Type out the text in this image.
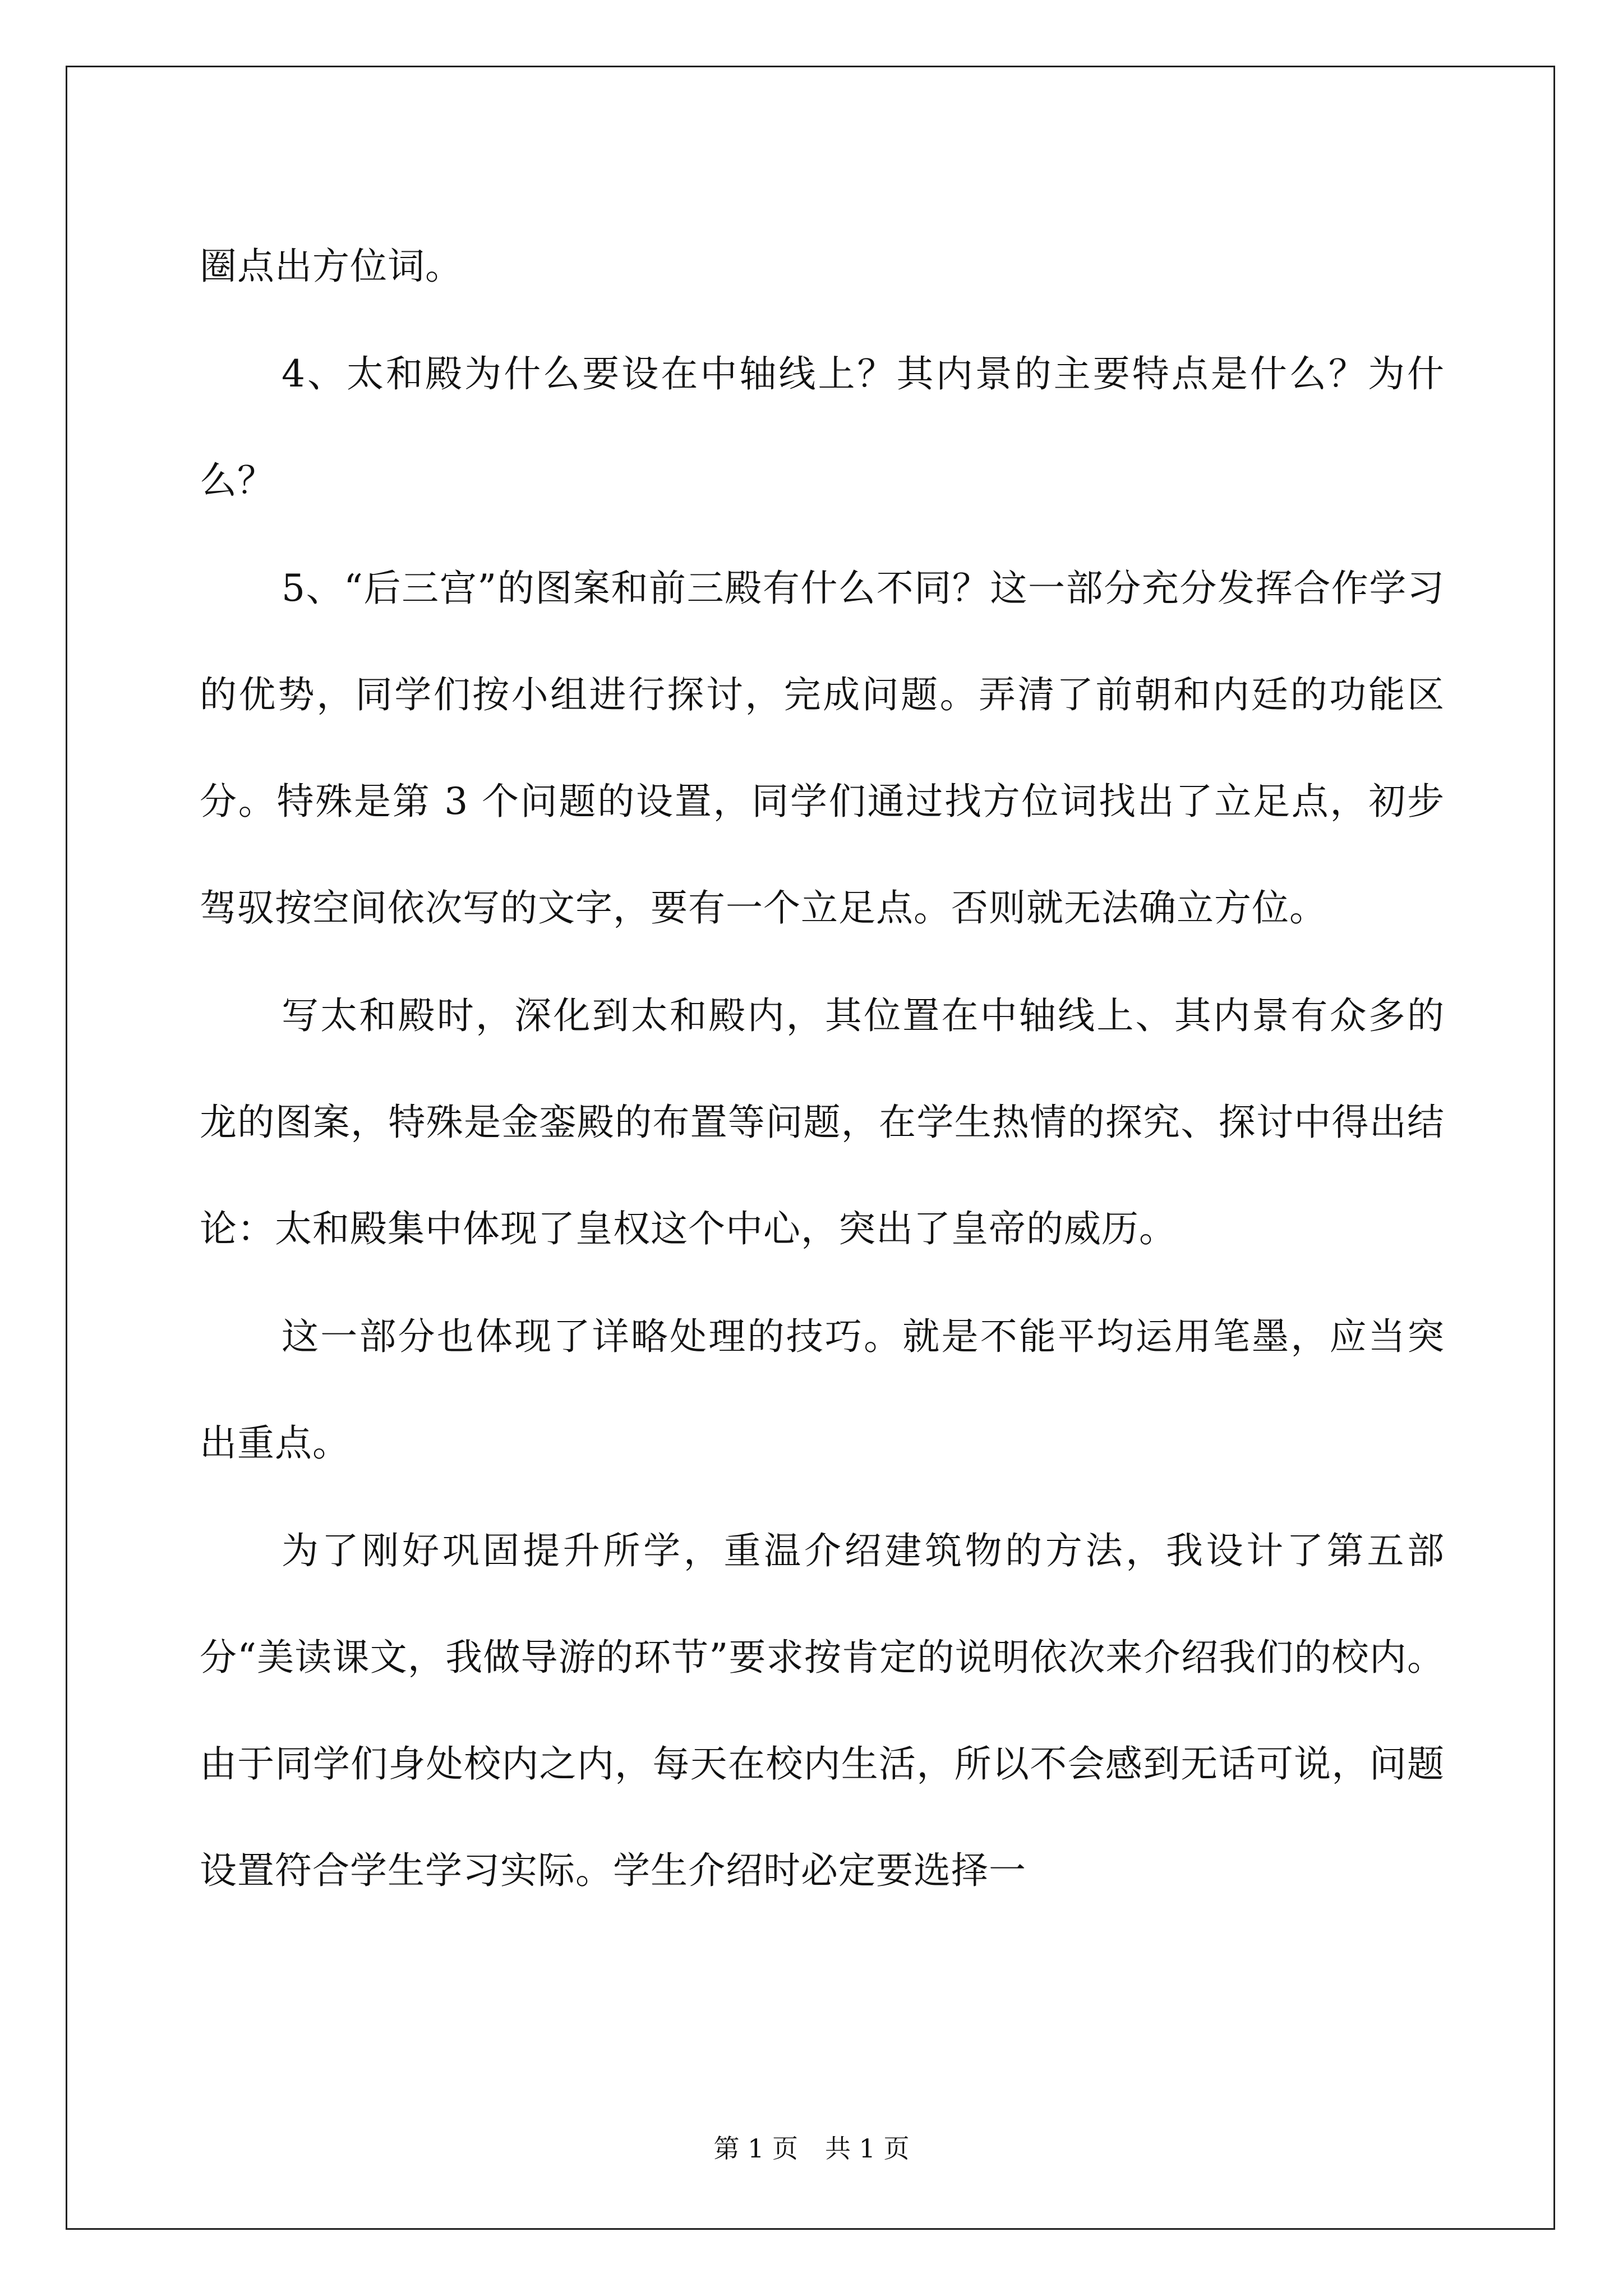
圈点出方位词。

4、太和殿为什么要设在中轴线上？其内景的主要特点是什么？为什么？

5、“后三宫”的图案和前三殿有什么不同？这一部分充分发挥合作学习的优势，同学们按小组进行探讨，完成问题。弄清了前朝和内廷的功能区分。特殊是第 3 个问题的设置，同学们通过找方位词找出了立足点，初步驾驭按空间依次写的文字，要有一个立足点。否则就无法确立方位。

写太和殿时，深化到太和殿内，其位置在中轴线上、其内景有众多的龙的图案，特殊是金銮殿的布置等问题，在学生热情的探究、探讨中得出结论：太和殿集中体现了皇权这个中心，突出了皇帝的威历。

这一部分也体现了详略处理的技巧。就是不能平均运用笔墨，应当突出重点。

为了刚好巩固提升所学，重温介绍建筑物的方法，我设计了第五部分“美读课文，我做导游的环节”要求按肯定的说明依次来介绍我们的校内。由于同学们身处校内之内，每天在校内生活，所以不会感到无话可说，问题设置符合学生学习实际。学生介绍时必定要选择一

第 1 页 共 1 页
